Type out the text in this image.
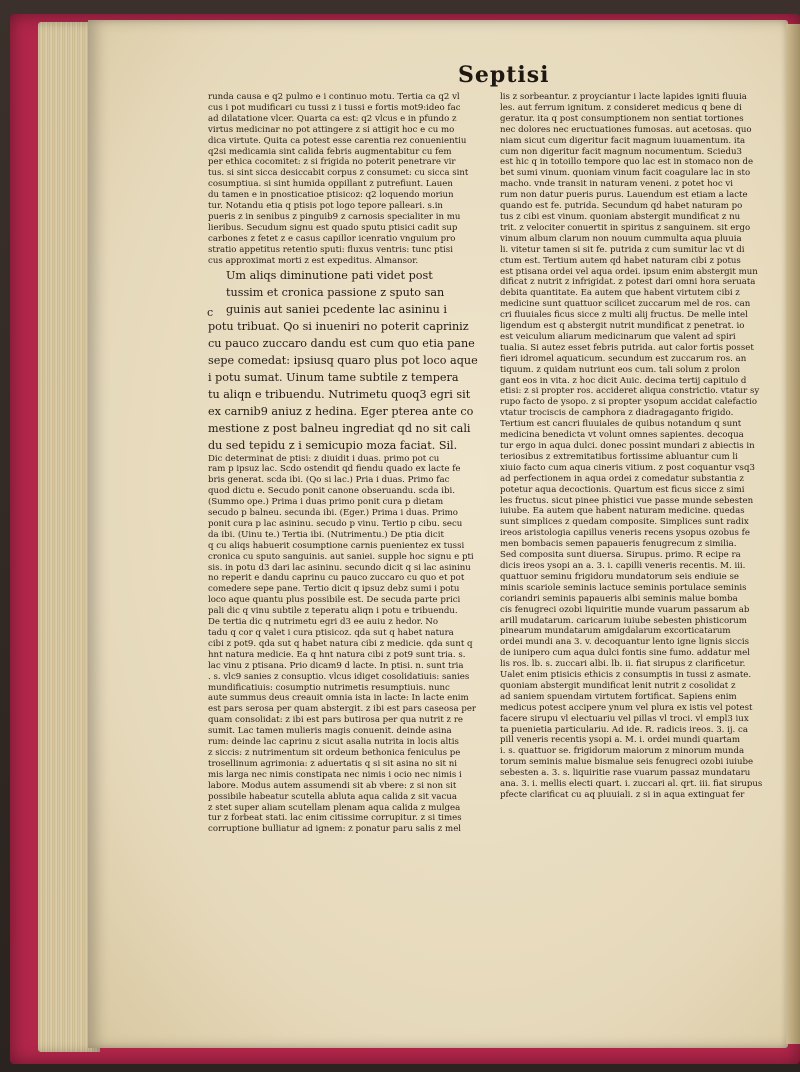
Septisi
c
runda causa e q2 pulmo e i continuo motu. Tertia ca q2 vl
cus i pot mudificari cu tussi z i tussi e fortis mot9:ideo fac
ad dilatatione vlcer. Quarta ca est: q2 vlcus e in pfundo z
virtus medicinar no pot attingere z si attigit hoc e cu mo
dica virtute. Quita ca potest esse carentia rez conuenientiu
q2si medicamia sint calida febris augmentabitur cu fem
per ethica cocomitet: z si frigida no poterit penetrare vir
tus. si sint sicca desiccabit corpus z consumet: cu sicca sint
cosumptiua. si sint humida oppillant z putrefiunt. Lauen
du tamen e in pnosticatioe ptisicoz: q2 loquendo moriun
tur. Notandu etia q ptisis pot logo tepore palleari. s.in
pueris z in senibus z pinguib9 z carnosis specialiter in mu
lieribus. Secudum signu est quado sputu ptisici cadit sup
carbones z fetet z e casus capillor icenratio vnguium pro
stratio appetitus retentio sputi: fluxus ventris: tunc ptisi
cus approximat morti z est expeditus. Almansor.
Um aliqs diminutione pati videt post
tussim et cronica passione z sputo san
guinis aut saniei pcedente lac asininu i
potu tribuat. Qo si inueniri no poterit capriniz
cu pauco zuccaro dandu est cum quo etia pane
sepe comedat: ipsiusq quaro plus pot loco aque
i potu sumat. Uinum tame subtile z tempera
tu aliqn e tribuendu. Nutrimetu quoq3 egri sit
ex carnib9 aniuz z hedina. Eger pterea ante co
mestione z post balneu ingrediat qd no sit cali
du sed tepidu z i semicupio moza faciat. Sil.
Dic determinat de ptisi: z diuidit i duas. primo pot cu
ram p ipsuz lac. Scdo ostendit qd fiendu quado ex lacte fe
bris generat. scda ibi. (Qo si lac.) Pria i duas. Primo fac
quod dictu e. Secudo ponit canone obseruandu. scda ibi.
(Summo ope.) Prima i duas primo ponit cura p dietam
secudo p balneu. secunda ibi. (Eger.) Prima i duas. Primo
ponit cura p lac asininu. secudo p vinu. Tertio p cibu. secu
da ibi. (Uinu te.) Tertia ibi. (Nutrimentu.) De ptia dicit
q cu aliqs habuerit cosumptione carnis puenientez ex tussi
cronica cu sputo sanguinis. aut saniei. supple hoc signu e pti
sis. in potu d3 dari lac asininu. secundo dicit q si lac asininu
no reperit e dandu caprinu cu pauco zuccaro cu quo et pot
comedere sepe pane. Tertio dicit q ipsuz debz sumi i potu
loco aque quantu plus possibile est. De secuda parte prici
pali dic q vinu subtile z teperatu aliqn i potu e tribuendu.
De tertia dic q nutrimetu egri d3 ee auiu z hedor. No
tadu q cor q valet i cura ptisicoz. qda sut q habet natura
cibi z pot9. qda sut q habet natura cibi z medicie. qda sunt q
hnt natura medicie. Ea q hnt natura cibi z pot9 sunt tria. s.
lac vinu z ptisana. Prio dicam9 d lacte. In ptisi. n. sunt tria
. s. vlc9 sanies z consuptio. vlcus idiget cosolidatiuis: sanies
mundificatiuis: cosumptio nutrimetis resumptiuis. nunc
aute summus deus creauit omnia ista in lacte: In lacte enim
est pars serosa per quam abstergit. z ibi est pars caseosa per
quam consolidat: z ibi est pars butirosa per qua nutrit z re
sumit. Lac tamen mulieris magis conuenit. deinde asina
rum: deinde lac caprinu z sicut asalia nutrita in locis altis
z siccis: z nutrimentum sit ordeum bethonica feniculus pe
trosellinum agrimonia: z aduertatis q si sit asina no sit ni
mis larga nec nimis constipata nec nimis i ocio nec nimis i
labore. Modus autem assumendi sit ab vbere: z si non sit
possibile habeatur scutella abluta aqua calida z sit vacua
z stet super aliam scutellam plenam aqua calida z mulgea
tur z forbeat stati. lac enim citissime corrupitur. z si times
corruptione bulliatur ad ignem: z ponatur paru salis z mel
lis z sorbeantur. z proyciantur i lacte lapides igniti fluuia
les. aut ferrum ignitum. z consideret medicus q bene di
geratur. ita q post consumptionem non sentiat tortiones
nec dolores nec eructuationes fumosas. aut acetosas. quo
niam sicut cum digeritur facit magnum iuuamentum. ita
cum non digeritur facit magnum nocumentum. Sciedu3
est hic q in totoillo tempore quo lac est in stomaco non de
bet sumi vinum. quoniam vinum facit coagulare lac in sto
macho. vnde transit in naturam veneni. z potet hoc vi
rum non datur pueris purus. Lauendum est etiam a lacte
quando est fe. putrida. Secundum qd habet naturam po
tus z cibi est vinum. quoniam abstergit mundificat z nu
trit. z velociter conuertit in spiritus z sanguinem. sit ergo
vinum album clarum non nouum cummulta aqua pluuia
li. vitetur tamen si sit fe. putrida z cum sumitur lac vt di
ctum est. Tertium autem qd habet naturam cibi z potus
est ptisana ordei vel aqua ordei. ipsum enim abstergit mun
dificat z nutrit z infrigidat. z potest dari omni hora seruata
debita quantitate. Ea autem que habent virtutem cibi z
medicine sunt quattuor scilicet zuccarum mel de ros. can
cri fluuiales ficus sicce z multi alij fructus. De melle intel
ligendum est q abstergit nutrit mundificat z penetrat. io
est veiculum aliarum medicinarum que valent ad spiri
tualia. Si autez esset febris putrida. aut calor fortis posset
fieri idromel aquaticum. secundum est zuccarum ros. an
tiquum. z quidam nutriunt eos cum. tali solum z prolon
gant eos in vita. z hoc dicit Auic. decima tertij capitulo d
etisi: z si propter ros. accideret aliqua constrictio. vtatur sy
rupo facto de ysopo. z si propter ysopum accidat calefactio
vtatur trociscis de camphora z diadragaganto frigido.
Tertium est cancri fluuiales de quibus notandum q sunt
medicina benedicta vt volunt omnes sapientes. decoqua
tur ergo in aqua dulci. donec possint mundari z abiectis in
teriosibus z extremitatibus fortissime abluantur cum li
xiuio facto cum aqua cineris vitium. z post coquantur vsq3
ad perfectionem in aqua ordei z comedatur substantia z
potetur aqua decoctionis. Quartum est ficus sicce z simi
les fructus. sicut pinee phistici vue passe munde sebesten
iuiube. Ea autem que habent naturam medicine. quedas
sunt simplices z quedam composite. Simplices sunt radix
ireos aristologia capillus veneris recens ysopus ozobus fe
men bombacis semen papaueris fenugrecum z similia.
Sed composita sunt diuersa. Sirupus. primo. R ecipe ra
dicis ireos ysopi an a. 3. i. capilli veneris recentis. M. iii.
quattuor seminu frigidoru mundatorum seis endiuie se
minis scariole seminis lactuce seminis portulace seminis
coriandri seminis papaueris albi seminis malue bomba
cis fenugreci ozobi liquiritie munde vuarum passarum ab
arill mudatarum. caricarum iuiube sebesten phisticorum
pinearum mundatarum amigdalarum excorticatarum
ordei mundi ana 3. v. decoquantur lento igne lignis siccis
de iunipero cum aqua dulci fontis sine fumo. addatur mel
lis ros. lb. s. zuccari albi. lb. ii. fiat sirupus z clarificetur.
Ualet enim ptisicis ethicis z consumptis in tussi z asmate.
quoniam abstergit mundificat lenit nutrit z cosolidat z
ad saniem spuendam virtutem fortificat. Sapiens enim
medicus potest accipere ynum vel plura ex istis vel potest
facere sirupu vl electuariu vel pillas vl troci. vl empl3 iux
ta puenietia particulariu. Ad ide. R. radicis ireos. 3. ij. ca
pill veneris recentis ysopi a. M. i. ordei mundi quartam
i. s. quattuor se. frigidorum maiorum z minorum munda
torum seminis malue bismalue seis fenugreci ozobi iuiube
sebesten a. 3. s. liquiritie rase vuarum passaz mundataru
ana. 3. i. mellis electi quart. i. zuccari al. qrt. iii. fiat sirupus
pfecte clarificat cu aq pluuiali. z si in aqua extinguat fer
